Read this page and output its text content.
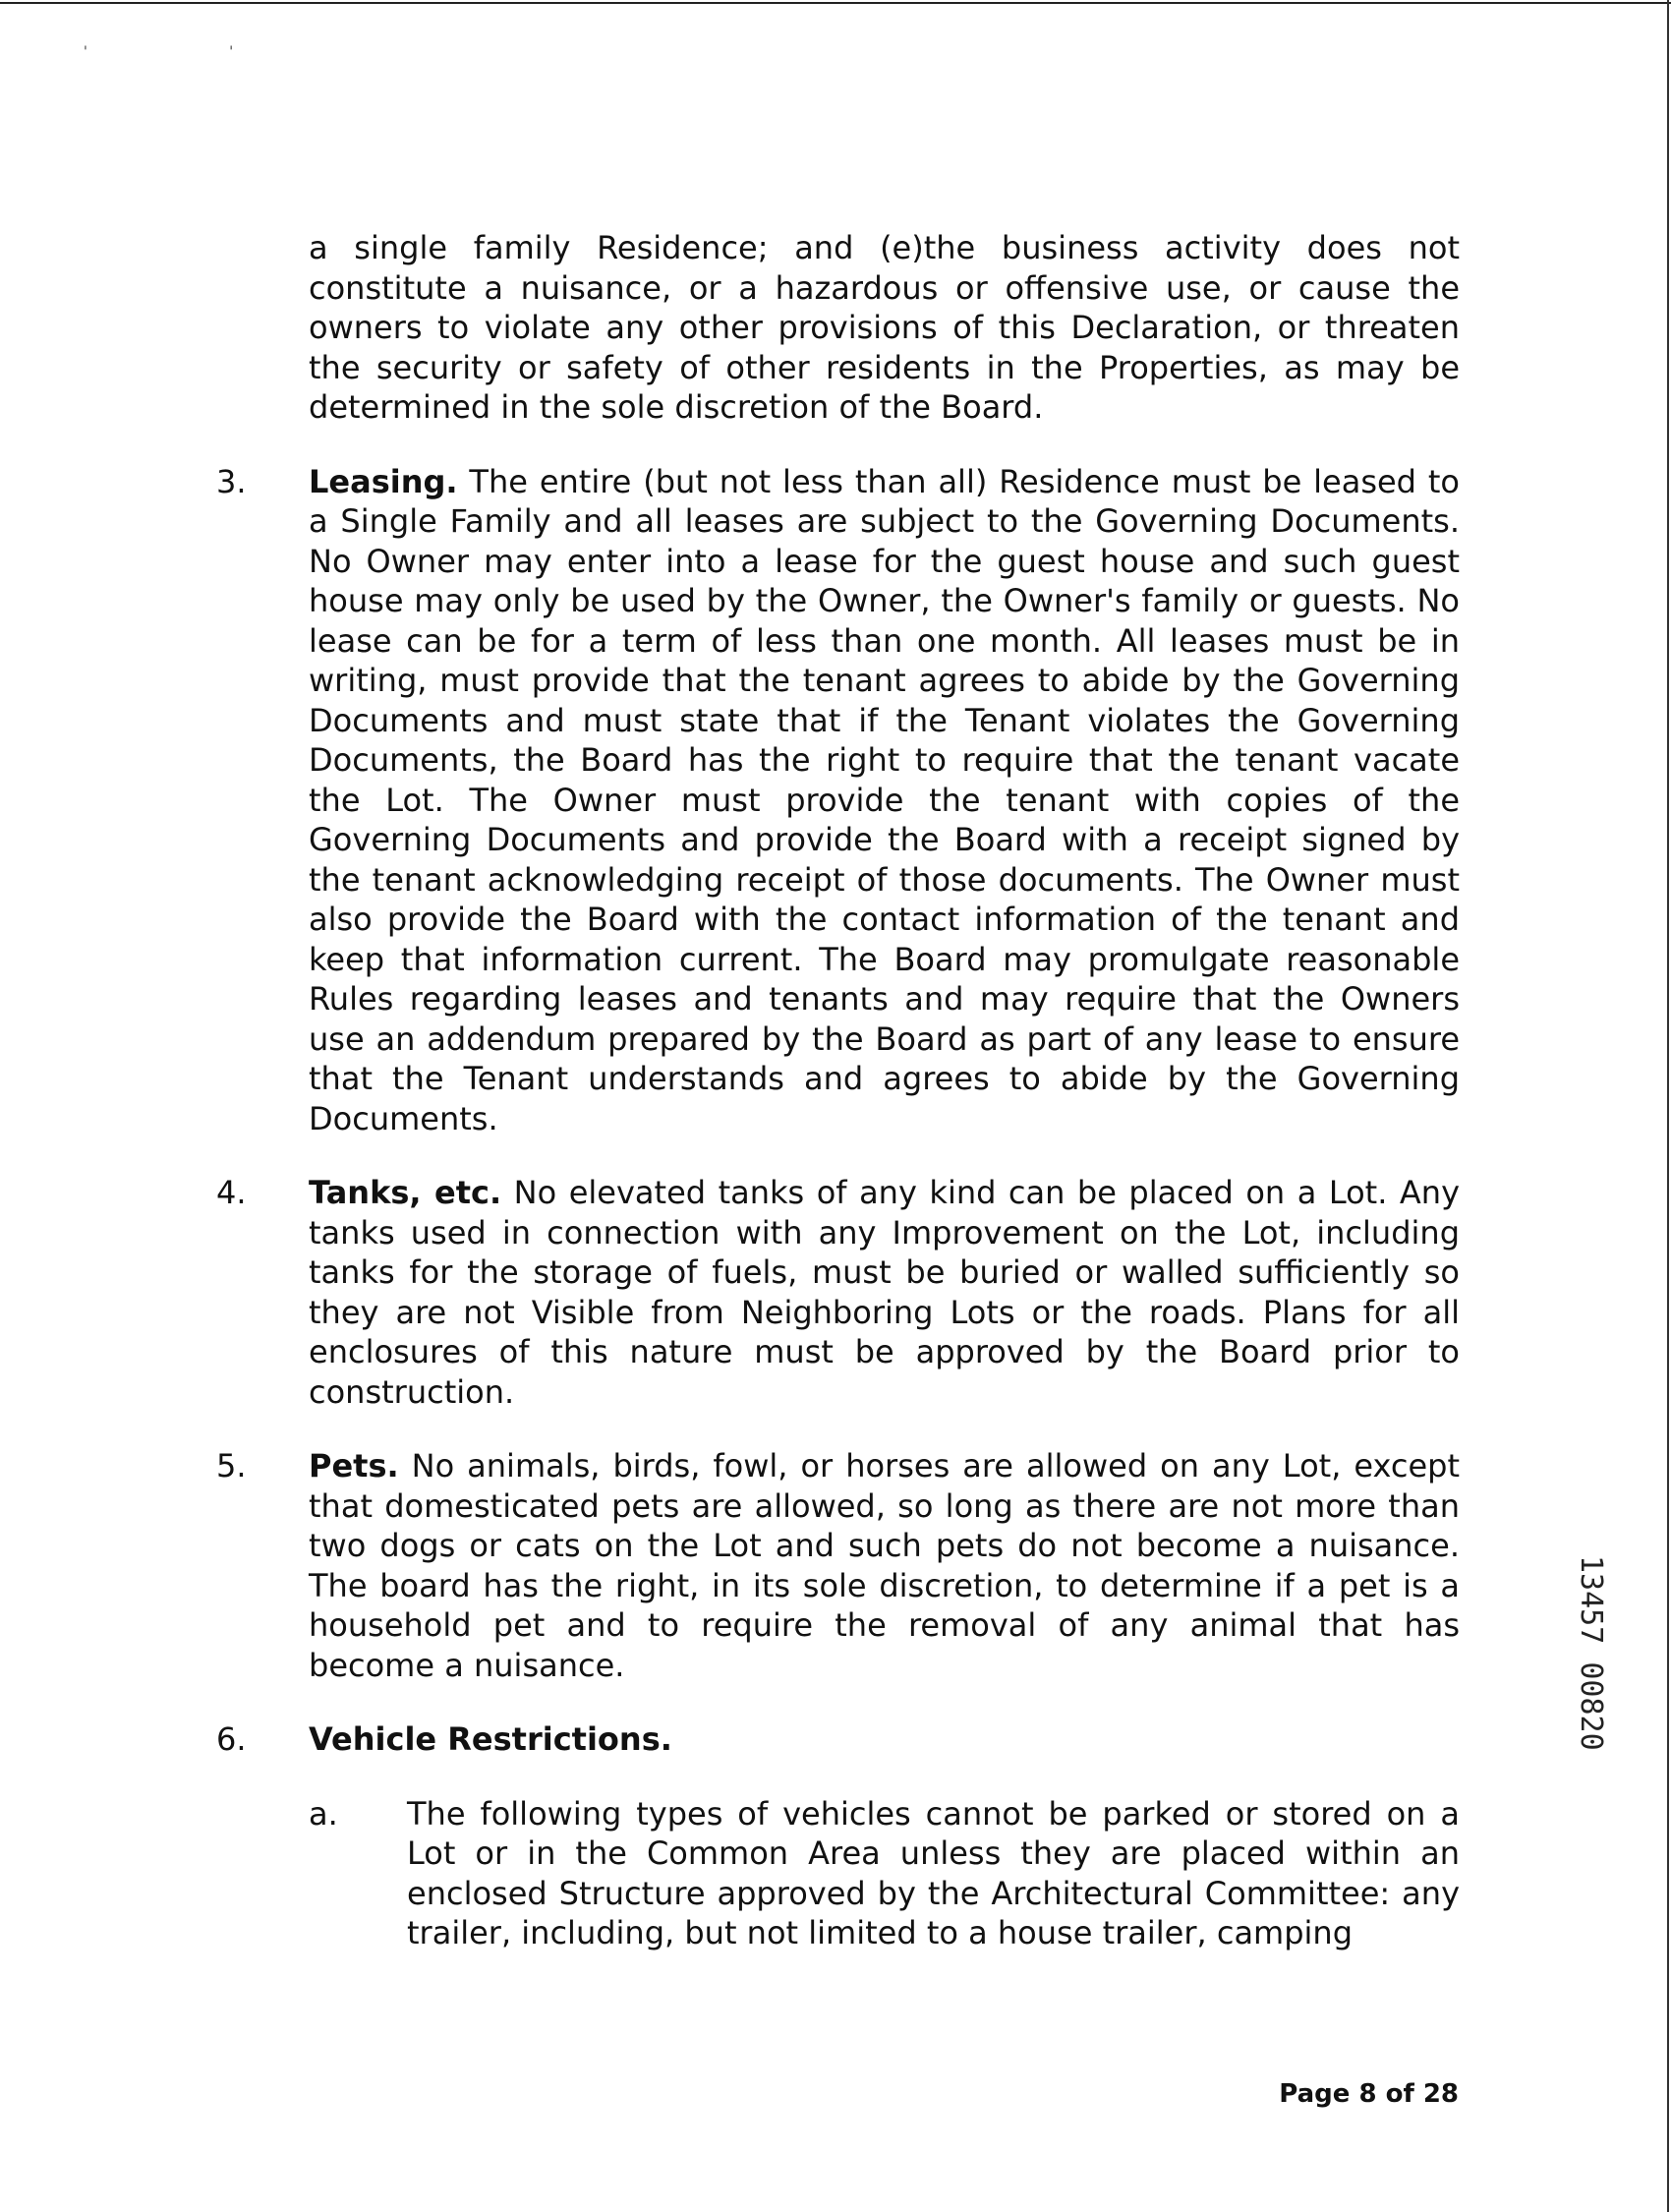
' '
a single family Residence; and (e)the business activity does not constitute a nuisance, or a hazardous or offensive use, or cause the owners to violate any other provisions of this Declaration, or threaten the security or safety of other residents in the Properties, as may be determined in the sole discretion of the Board.
3. Leasing. The entire (but not less than all) Residence must be leased to a Single Family and all leases are subject to the Governing Documents. No Owner may enter into a lease for the guest house and such guest house may only be used by the Owner, the Owner's family or guests. No lease can be for a term of less than one month. All leases must be in writing, must provide that the tenant agrees to abide by the Governing Documents and must state that if the Tenant violates the Governing Documents, the Board has the right to require that the tenant vacate the Lot. The Owner must provide the tenant with copies of the Governing Documents and provide the Board with a receipt signed by the tenant acknowledging receipt of those documents. The Owner must also provide the Board with the contact information of the tenant and keep that information current. The Board may promulgate reasonable Rules regarding leases and tenants and may require that the Owners use an addendum prepared by the Board as part of any lease to ensure that the Tenant understands and agrees to abide by the Governing Documents.
4. Tanks, etc. No elevated tanks of any kind can be placed on a Lot. Any tanks used in connection with any Improvement on the Lot, including tanks for the storage of fuels, must be buried or walled sufficiently so they are not Visible from Neighboring Lots or the roads. Plans for all enclosures of this nature must be approved by the Board prior to construction.
5. Pets. No animals, birds, fowl, or horses are allowed on any Lot, except that domesticated pets are allowed, so long as there are not more than two dogs or cats on the Lot and such pets do not become a nuisance. The board has the right, in its sole discretion, to determine if a pet is a household pet and to require the removal of any animal that has become a nuisance.
6. Vehicle Restrictions.
a. The following types of vehicles cannot be parked or stored on a Lot or in the Common Area unless they are placed within an enclosed Structure approved by the Architectural Committee: any trailer, including, but not limited to a house trailer, camping
13457 00820
Page 8 of 28
